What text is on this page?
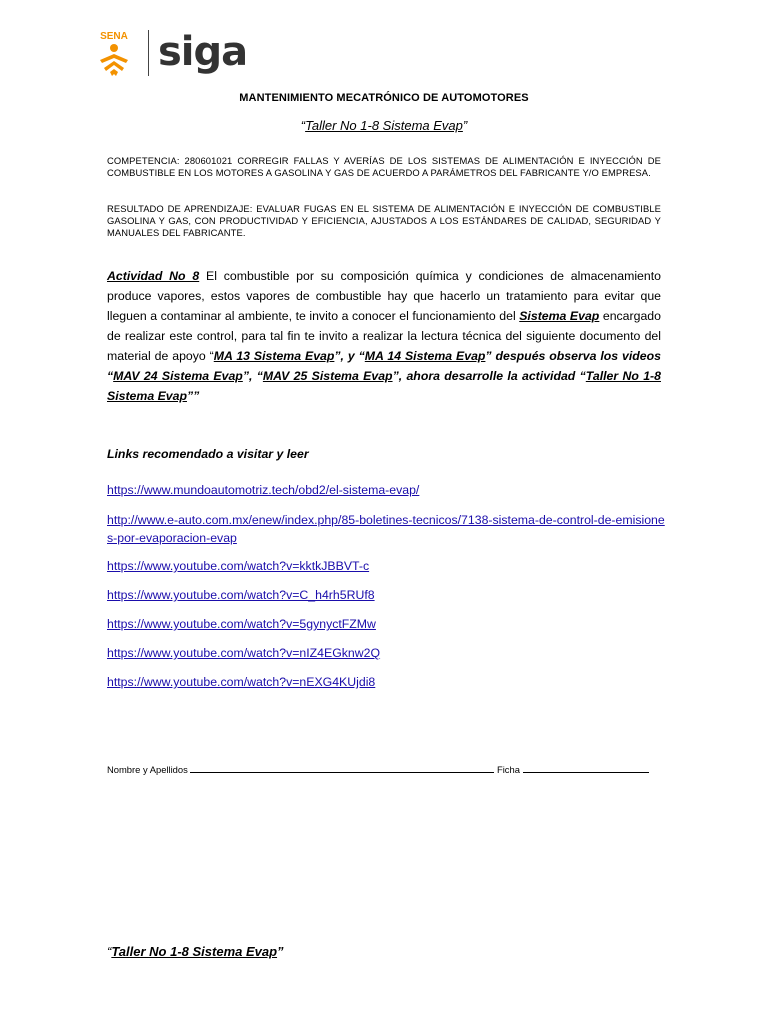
SENA siga
MANTENIMIENTO MECATRÓNICO DE AUTOMOTORES
“Taller No 1-8 Sistema Evap”
COMPETENCIA: 280601021 CORREGIR FALLAS Y AVERÍAS DE LOS SISTEMAS DE ALIMENTACIÓN E INYECCIÓN DE COMBUSTIBLE EN LOS MOTORES A GASOLINA Y GAS DE ACUERDO A PARÁMETROS DEL FABRICANTE Y/O EMPRESA.
RESULTADO DE APRENDIZAJE: EVALUAR FUGAS EN EL SISTEMA DE ALIMENTACIÓN E INYECCIÓN DE COMBUSTIBLE GASOLINA Y GAS, CON PRODUCTIVIDAD Y EFICIENCIA, AJUSTADOS A LOS ESTÁNDARES DE CALIDAD, SEGURIDAD Y MANUALES DEL FABRICANTE.
Actividad No 8 El combustible por su composición química y condiciones de almacenamiento produce vapores, estos vapores de combustible hay que hacerlo un tratamiento para evitar que lleguen a contaminar al ambiente, te invito a conocer el funcionamiento del Sistema Evap encargado de realizar este control, para tal fin te invito a realizar la lectura técnica del siguiente documento del material de apoyo “MA 13 Sistema Evap”, y “MA 14 Sistema Evap” después observa los videos “MAV 24 Sistema Evap”, “MAV 25 Sistema Evap”, ahora desarrolle la actividad “Taller No 1-8 Sistema Evap””
Links recomendado a visitar y leer
https://www.mundoautomotriz.tech/obd2/el-sistema-evap/
http://www.e-auto.com.mx/enew/index.php/85-boletines-tecnicos/7138-sistema-de-control-de-emisiones-por-evaporacion-evap
https://www.youtube.com/watch?v=kktkJBBVT-c
https://www.youtube.com/watch?v=C_h4rh5RUf8
https://www.youtube.com/watch?v=5gynyctFZMw
https://www.youtube.com/watch?v=nIZ4EGknw2Q
https://www.youtube.com/watch?v=nEXG4KUjdi8
Nombre y Apellidos	Ficha
“Taller No 1-8 Sistema Evap”
